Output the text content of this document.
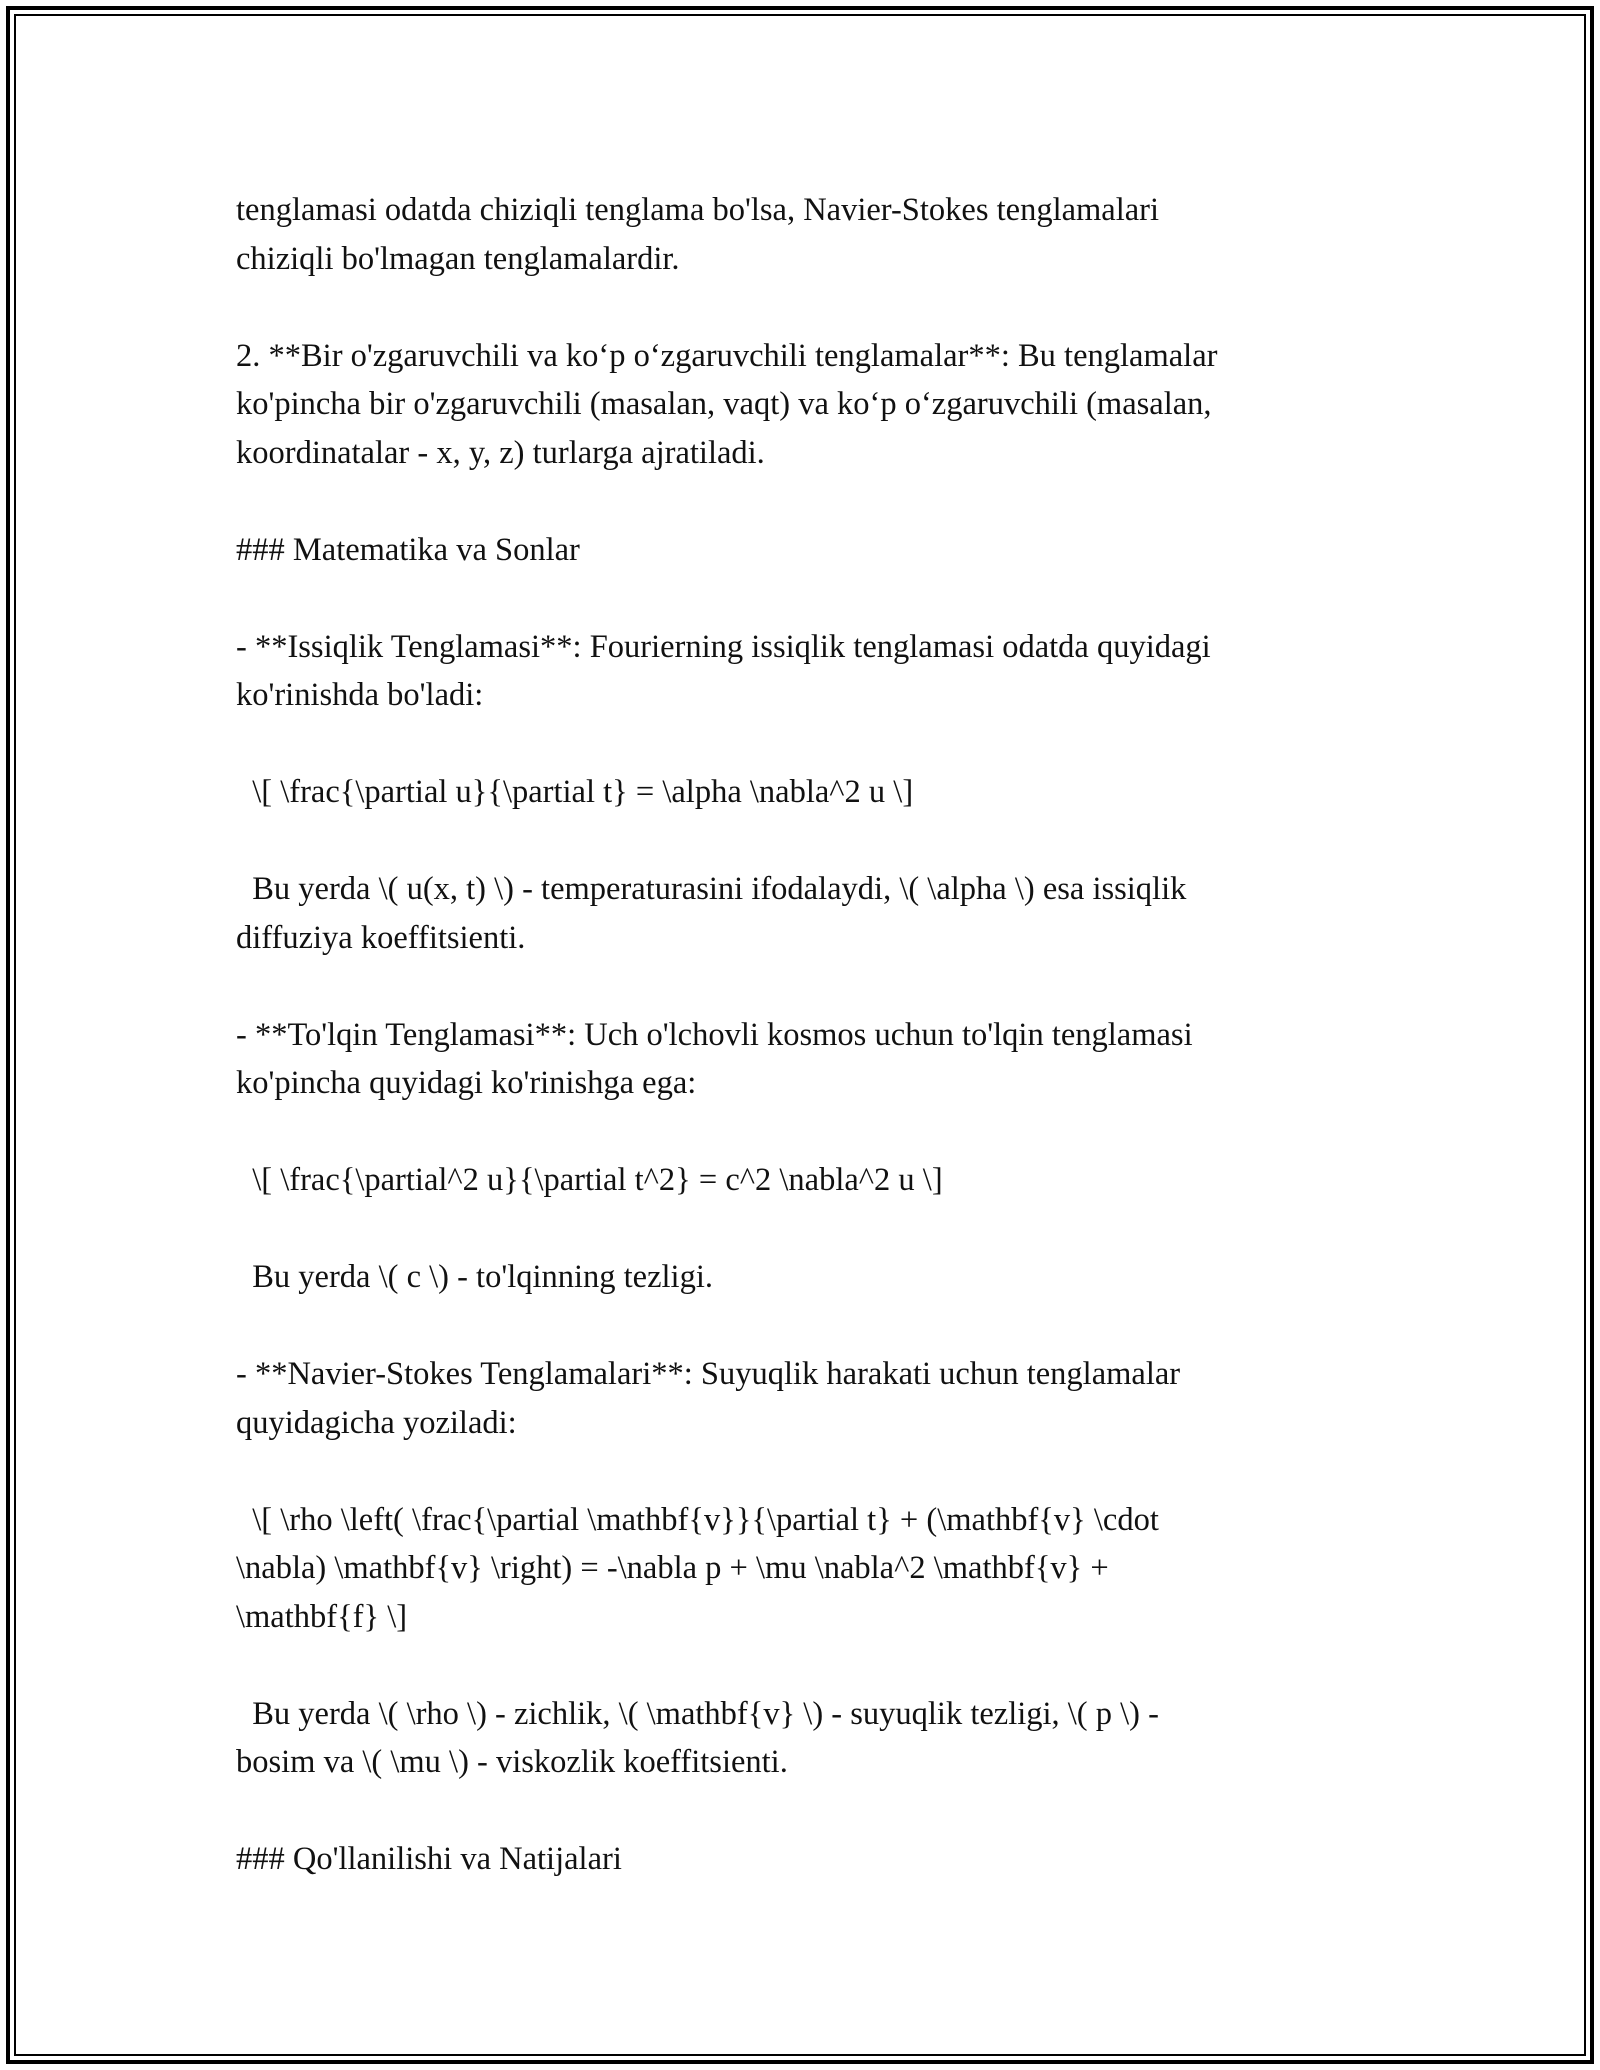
tenglamasi odatda chiziqli tenglama bo'lsa, Navier-Stokes tenglamalari
chiziqli bo'lmagan tenglamalardir.

2. **Bir o'zgaruvchili va koʻp oʻzgaruvchili tenglamalar**: Bu tenglamalar
ko'pincha bir o'zgaruvchili (masalan, vaqt) va koʻp oʻzgaruvchili (masalan,
koordinatalar - x, y, z) turlarga ajratiladi.

### Matematika va Sonlar

- **Issiqlik Tenglamasi**: Fourierning issiqlik tenglamasi odatda quyidagi
ko'rinishda bo'ladi:

\[ \frac{\partial u}{\partial t} = \alpha \nabla^2 u \]

Bu yerda \( u(x, t) \) - temperaturasini ifodalaydi, \( \alpha \) esa issiqlik
diffuziya koeffitsienti.

- **To'lqin Tenglamasi**: Uch o'lchovli kosmos uchun to'lqin tenglamasi
ko'pincha quyidagi ko'rinishga ega:

\[ \frac{\partial^2 u}{\partial t^2} = c^2 \nabla^2 u \]

Bu yerda \( c \) - to'lqinning tezligi.

- **Navier-Stokes Tenglamalari**: Suyuqlik harakati uchun tenglamalar
quyidagicha yoziladi:

\[ \rho \left( \frac{\partial \mathbf{v}}{\partial t} + (\mathbf{v} \cdot
\nabla) \mathbf{v} \right) = -\nabla p + \mu \nabla^2 \mathbf{v} +
\mathbf{f} \]

Bu yerda \( \rho \) - zichlik, \( \mathbf{v} \) - suyuqlik tezligi, \( p \) -
bosim va \( \mu \) - viskozlik koeffitsienti.

### Qo'llanilishi va Natijalari
